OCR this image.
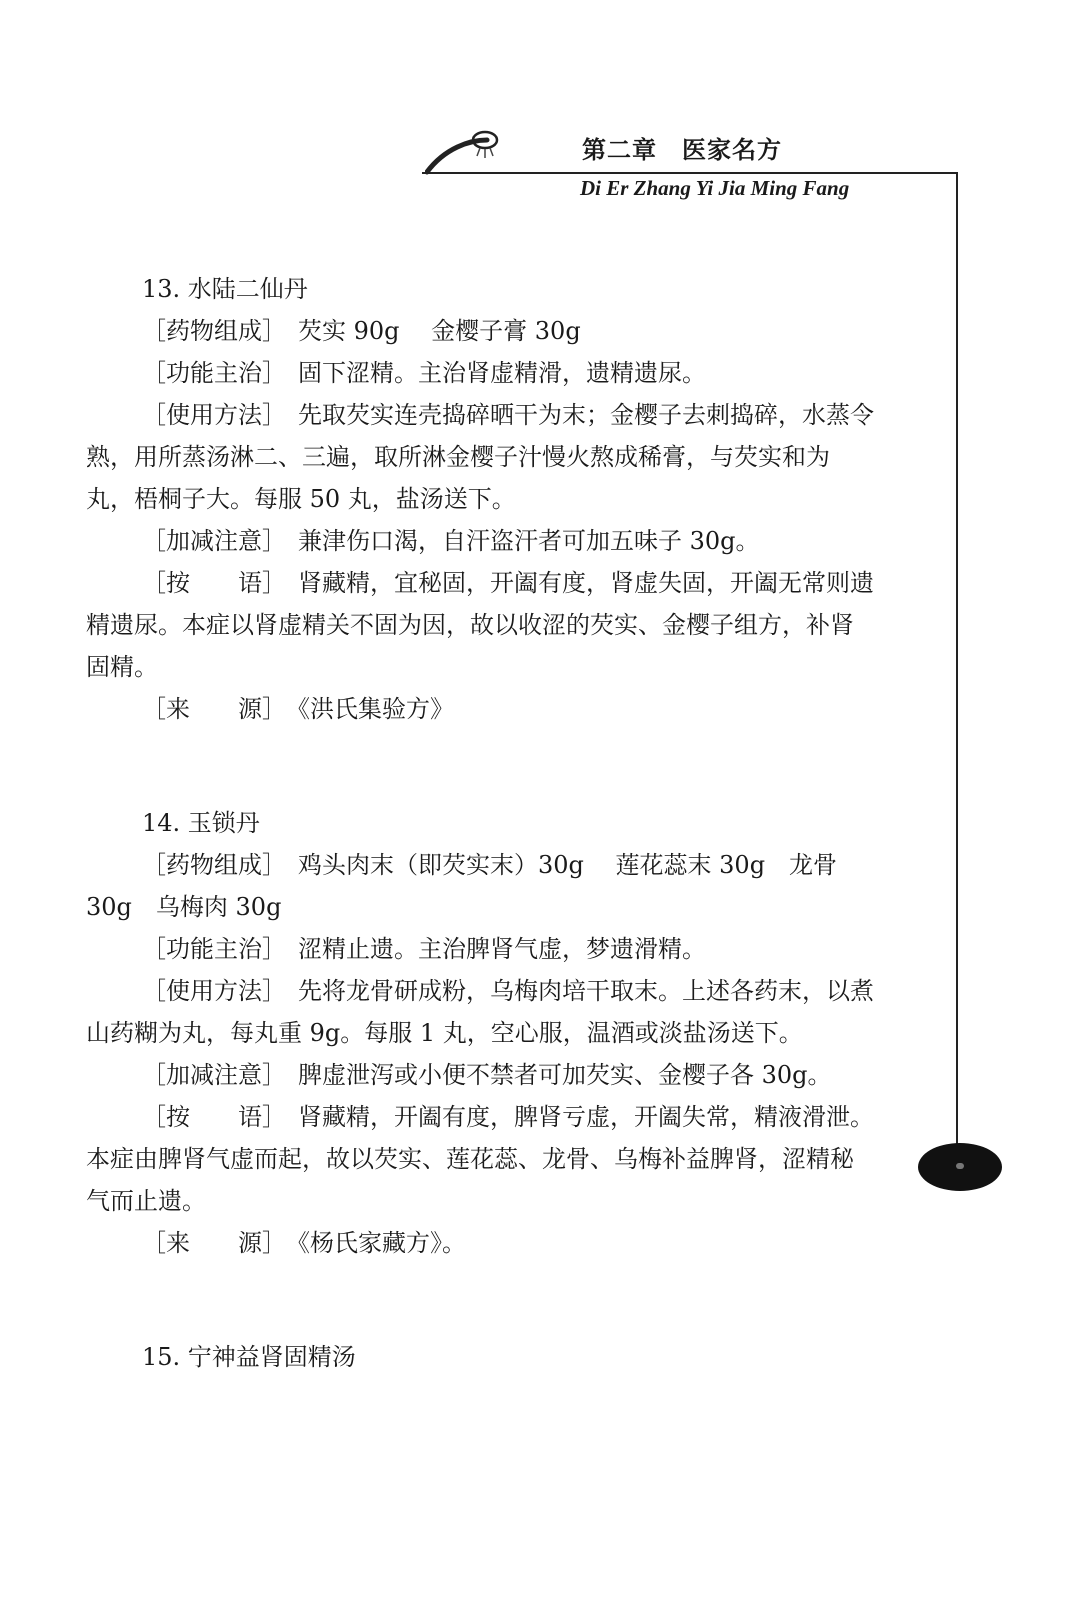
第二章　医家名方
Di Er Zhang Yi Jia Ming Fang

13. 水陆二仙丹

［药物组成］　芡实 90g　 金樱子膏 30g

［功能主治］　固下涩精。主治肾虚精滑，遗精遗尿。

［使用方法］　先取芡实连壳捣碎晒干为末；金樱子去刺捣碎，水蒸令熟，用所蒸汤淋二、三遍，取所淋金樱子汁慢火熬成稀膏，与芡实和为丸，梧桐子大。每服 50 丸，盐汤送下。

［加减注意］　兼津伤口渴，自汗盗汗者可加五味子 30g。

［按　　语］　肾藏精，宜秘固，开阖有度，肾虚失固，开阖无常则遗精遗尿。本症以肾虚精关不固为因，故以收涩的芡实、金樱子组方，补肾固精。

［来　　源］　《洪氏集验方》

14. 玉锁丹

［药物组成］　鸡头肉末（即芡实末）30g　 莲花蕊末 30g　龙骨 30g　乌梅肉 30g

［功能主治］　涩精止遗。主治脾肾气虚，梦遗滑精。

［使用方法］　先将龙骨研成粉，乌梅肉培干取末。上述各药末，以煮山药糊为丸，每丸重 9g。每服 1 丸，空心服，温酒或淡盐汤送下。

［加减注意］　脾虚泄泻或小便不禁者可加芡实、金樱子各 30g。

［按　　语］　肾藏精，开阖有度，脾肾亏虚，开阖失常，精液滑泄。本症由脾肾气虚而起，故以芡实、莲花蕊、龙骨、乌梅补益脾肾，涩精秘气而止遗。

［来　　源］　《杨氏家藏方》。

15. 宁神益肾固精汤
